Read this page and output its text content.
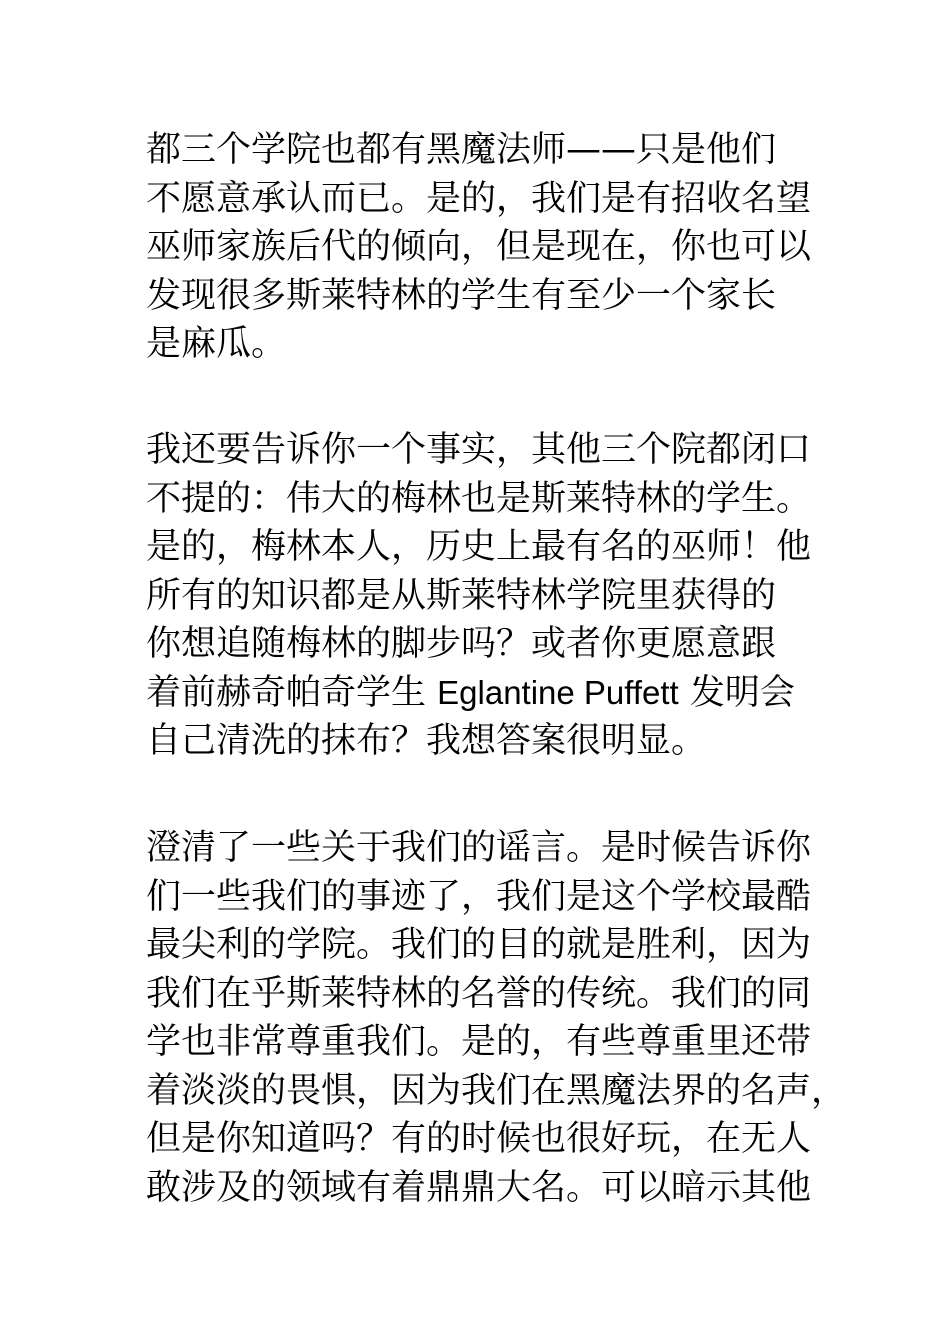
都三个学院也都有黑魔法师——只是他们
不愿意承认而已。是的，我们是有招收名望
巫师家族后代的倾向，但是现在，你也可以
发现很多斯莱特林的学生有至少一个家长
是麻瓜。
我还要告诉你一个事实，其他三个院都闭口
不提的：伟大的梅林也是斯莱特林的学生。
是的，梅林本人，历史上最有名的巫师！他
所有的知识都是从斯莱特林学院里获得的
你想追随梅林的脚步吗？或者你更愿意跟
着前赫奇帕奇学生 Eglantine Puffett 发明会
自己清洗的抹布？我想答案很明显。
澄清了一些关于我们的谣言。是时候告诉你
们一些我们的事迹了，我们是这个学校最酷
最尖利的学院。我们的目的就是胜利，因为
我们在乎斯莱特林的名誉的传统。我们的同
学也非常尊重我们。是的，有些尊重里还带
着淡淡的畏惧，因为我们在黑魔法界的名声，
但是你知道吗？有的时候也很好玩，在无人
敢涉及的领域有着鼎鼎大名。可以暗示其他
